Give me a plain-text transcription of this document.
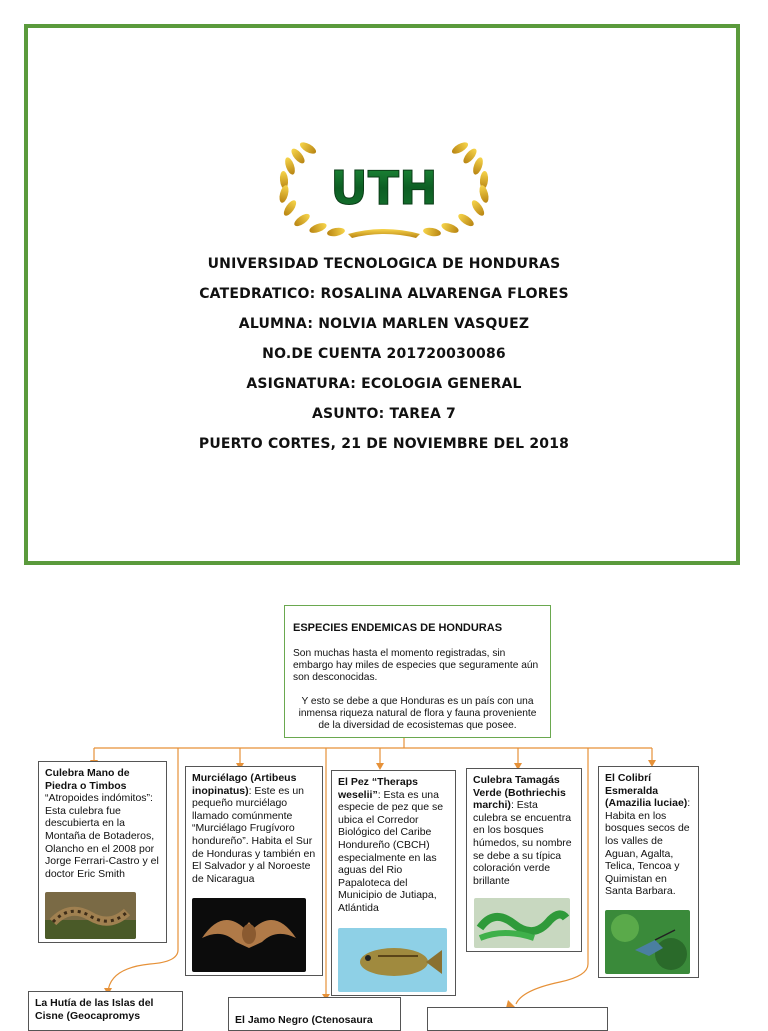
UTH
UNIVERSIDAD TECNOLOGICA DE HONDURAS
CATEDRATICO: ROSALINA ALVARENGA FLORES
ALUMNA: NOLVIA MARLEN VASQUEZ
NO.DE CUENTA 201720030086
ASIGNATURA: ECOLOGIA GENERAL
ASUNTO: TAREA 7
PUERTO CORTES, 21 DE NOVIEMBRE DEL 2018
ESPECIES ENDEMICAS DE HONDURAS

Son muchas hasta el momento registradas, sin embargo hay miles de especies que seguramente aún son desconocidas.

Y esto se debe a que Honduras es un país con una inmensa riqueza natural de flora y fauna proveniente de la diversidad de ecosistemas que posee.

Culebra Mano de Piedra o Timbos “Atropoides indómitos”: Esta culebra fue descubierta en la Montaña de Botaderos, Olancho en el 2008 por Jorge Ferrari-Castro y el doctor Eric Smith
Murciélago (Artibeus inopinatus): Este es un pequeño murciélago llamado comúnmente “Murciélago Frugívoro hondureño”. Habita el Sur de Honduras y también en El Salvador y al Noroeste de Nicaragua
El Pez “Theraps weselii”: Esta es una especie de pez que se ubica el Corredor Biológico del Caribe Hondureño (CBCH) especialmente en las aguas del Rio Papaloteca del Municipio de Jutiapa, Atlántida
Culebra Tamagás Verde (Bothriechis marchi): Esta culebra se encuentra en los bosques húmedos, su nombre se debe a su típica coloración verde brillante
El Colibrí Esmeralda (Amazilia luciae): Habita en los bosques secos de los valles de Aguan, Agalta, Telica, Tencoa y Quimistan en Santa Barbara.
La Hutía de las Islas del Cisne (Geocapromys	El Jamo Negro (Ctenosaura
